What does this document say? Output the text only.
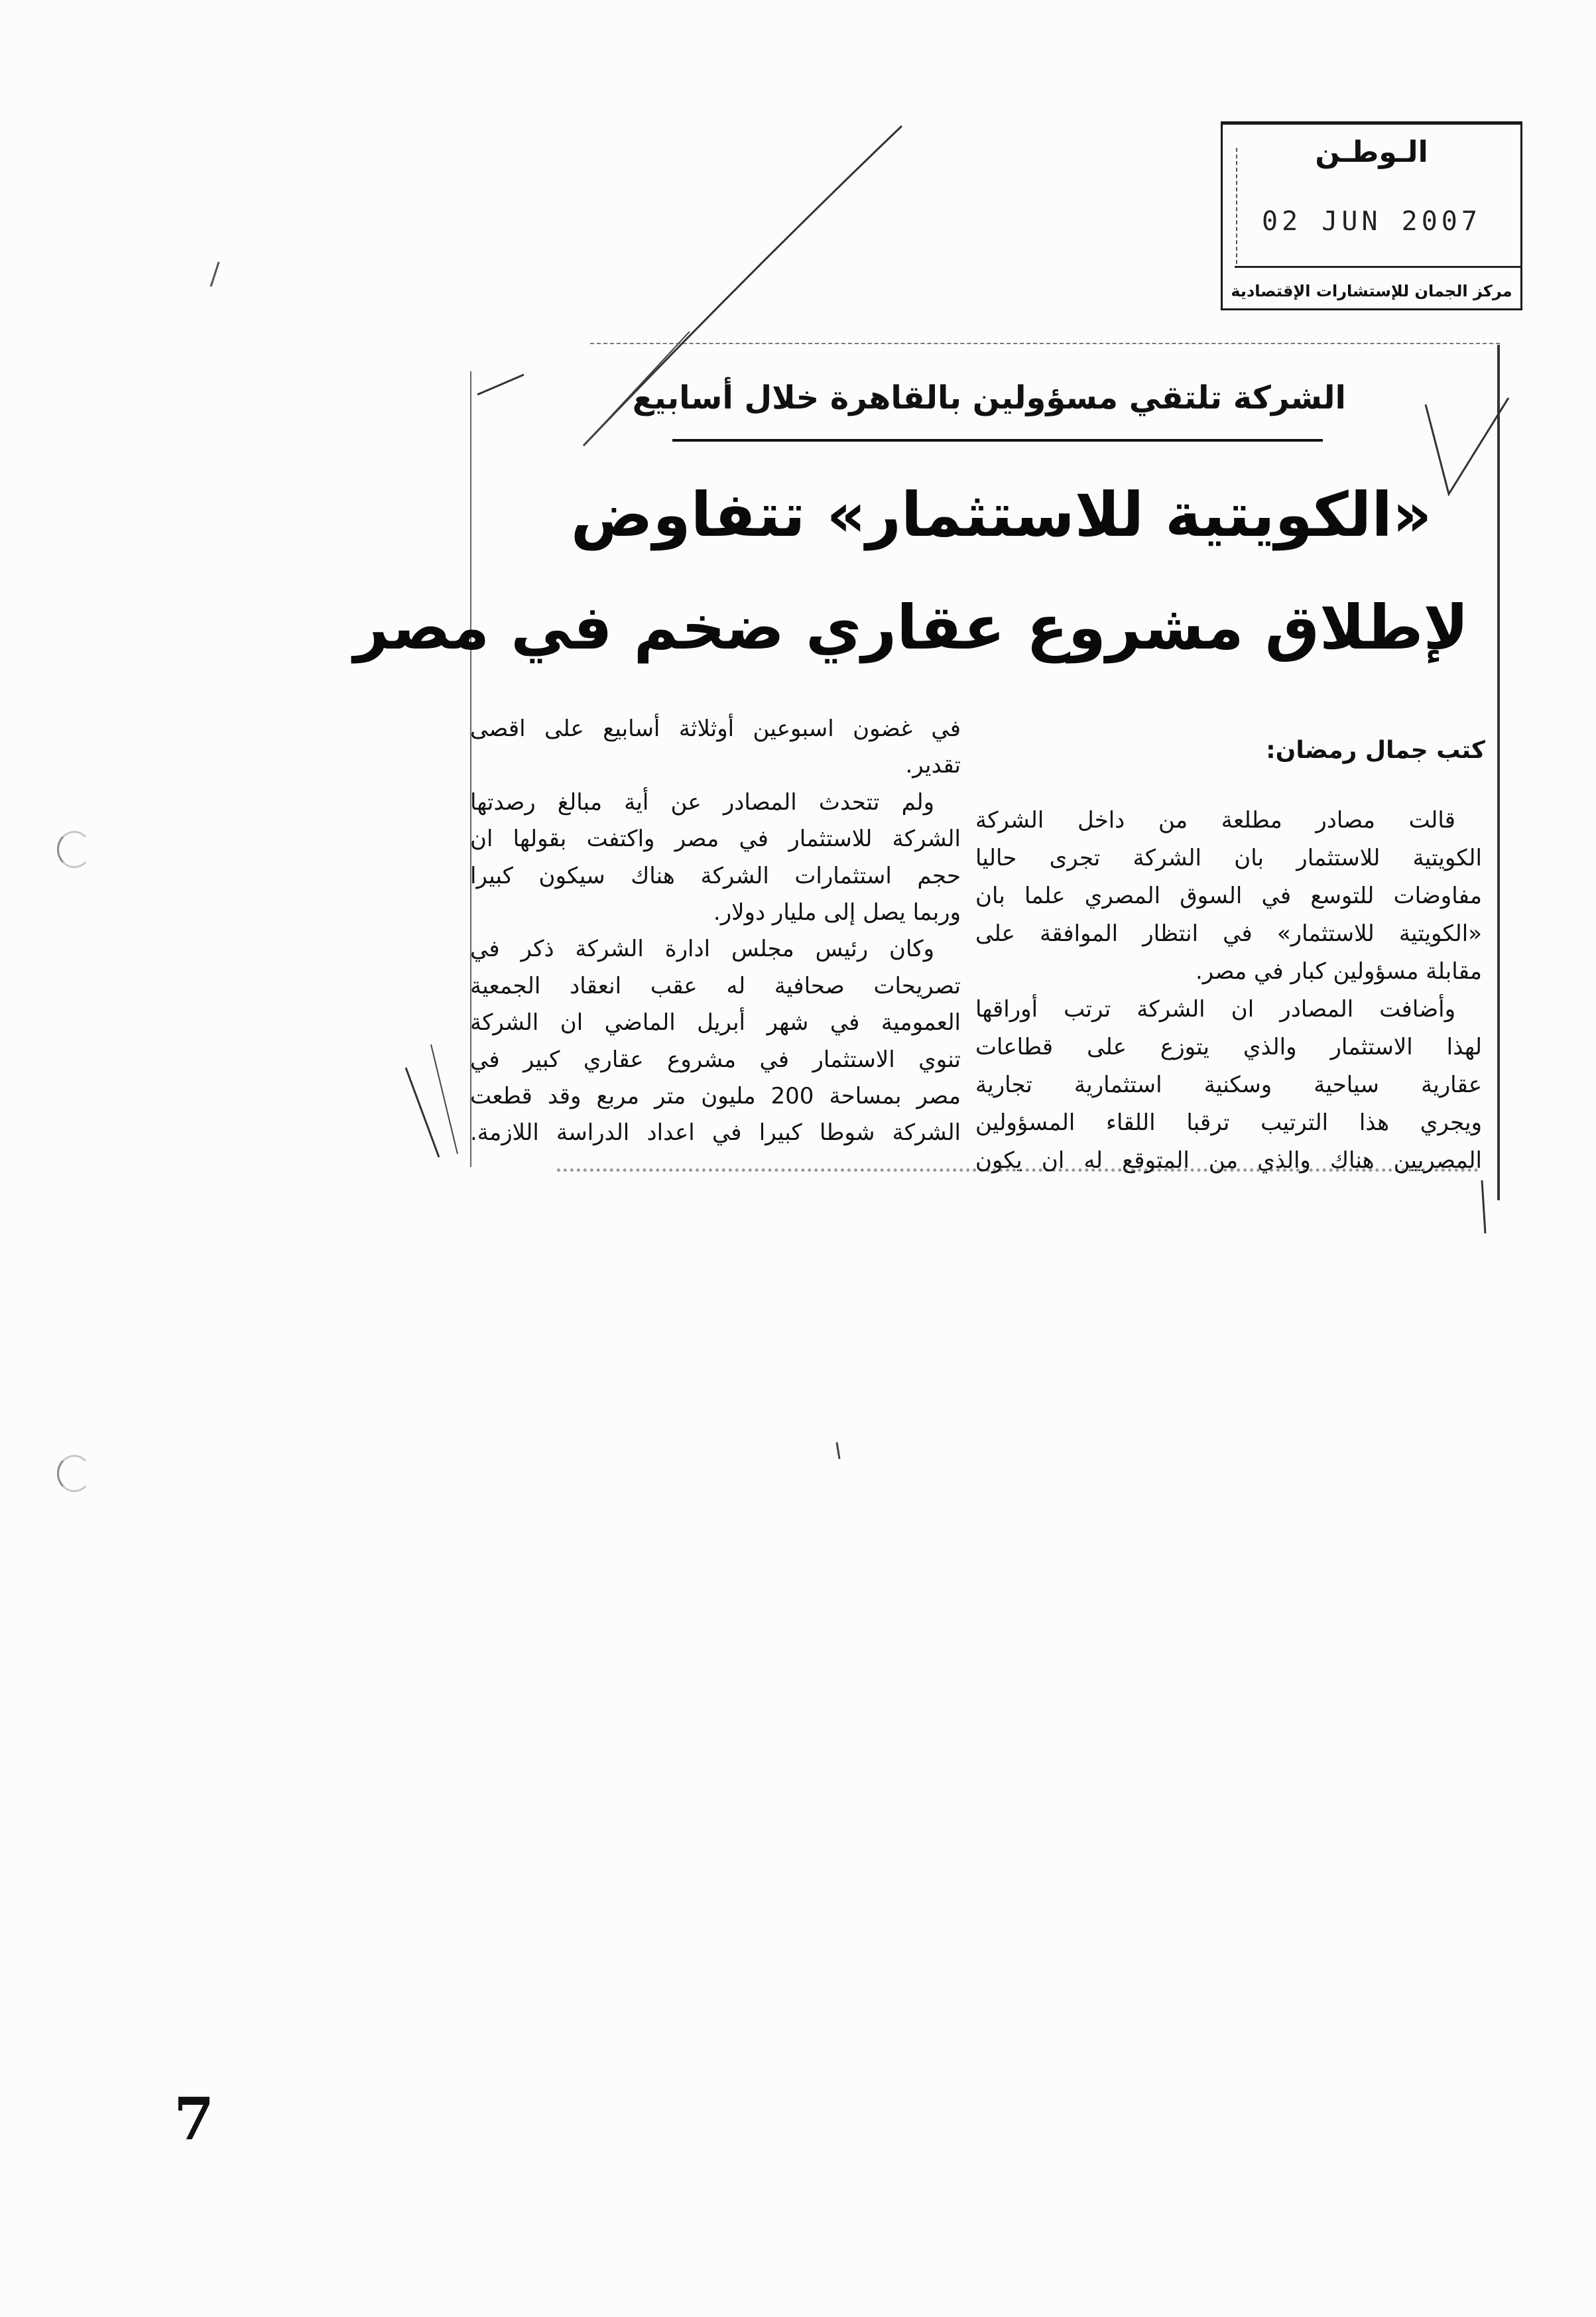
الـوطـن
02 JUN 2007
مركز الجمان للإستشارات الإقتصادية
الشركة تلتقي مسؤولين بالقاهرة خلال أسابيع
«الكويتية للاستثمار» تتفاوض
لإطلاق مشروع عقاري ضخم في مصر
كتب جمال رمضان:
قالت مصادر مطلعة من داخل الشركة
الكويتية للاستثمار بان الشركة تجرى حاليا
مفاوضات للتوسع في السوق المصري علما بان
«الكويتية للاستثمار» في انتظار الموافقة على
مقابلة مسؤولين كبار في مصر.
وأضافت المصادر ان الشركة ترتب أوراقها
لهذا الاستثمار والذي يتوزع على قطاعات
عقارية سياحية وسكنية استثمارية تجارية
ويجري هذا الترتيب ترقبا اللقاء المسؤولين
المصريين هناك والذي من المتوقع له ان يكون
في غضون اسبوعين أوثلاثة أسابيع على اقصى
تقدير.
ولم تتحدث المصادر عن أية مبالغ رصدتها
الشركة للاستثمار في مصر واكتفت بقولها ان
حجم استثمارات الشركة هناك سيكون كبيرا
وربما يصل إلى مليار دولار.
وكان رئيس مجلس ادارة الشركة ذكر في
تصريحات صحافية له عقب انعقاد الجمعية
العمومية في شهر أبريل الماضي ان الشركة
تنوي الاستثمار في مشروع عقاري كبير في
مصر بمساحة 200 مليون متر مربع وقد قطعت
الشركة شوطا كبيرا في اعداد الدراسة اللازمة.
7
